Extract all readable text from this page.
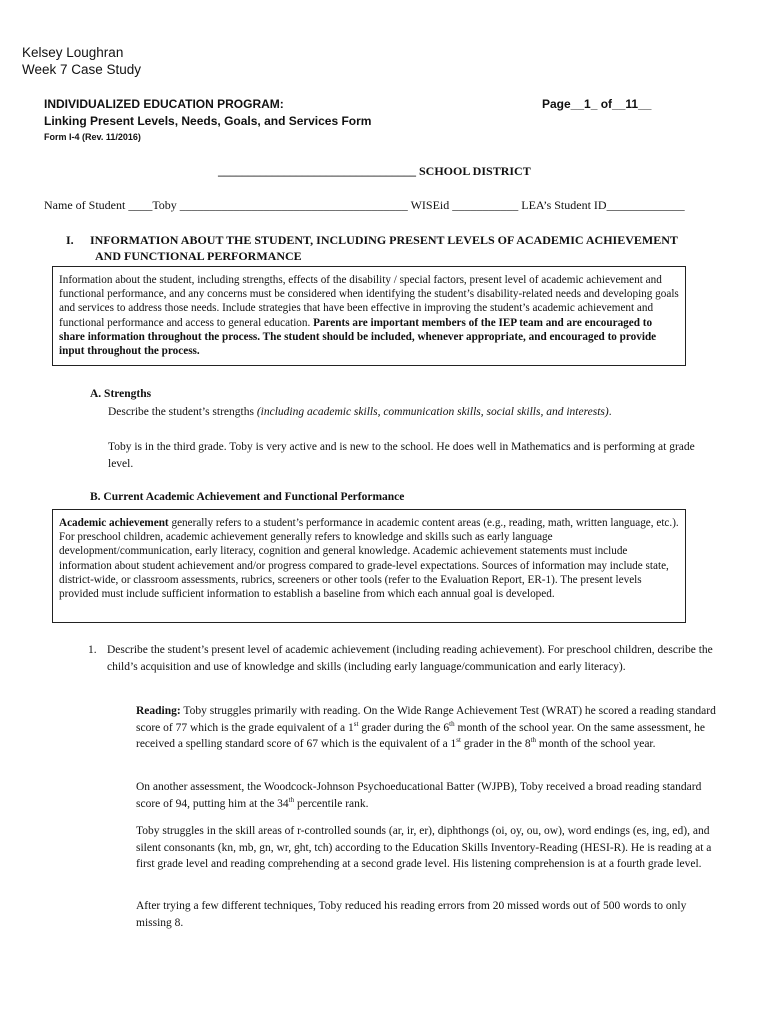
Kelsey Loughran
Week 7 Case Study
INDIVIDUALIZED EDUCATION PROGRAM:	Page__1_ of__11__
Linking Present Levels, Needs, Goals, and Services Form
Form I-4 (Rev. 11/2016)
_________________________________ SCHOOL DISTRICT
Name of Student ____Toby ______________________________________ WISEid ___________ LEA’s Student ID_____________
I. INFORMATION ABOUT THE STUDENT, INCLUDING PRESENT LEVELS OF ACADEMIC ACHIEVEMENT
AND FUNCTIONAL PERFORMANCE
Information about the student, including strengths, effects of the disability / special factors, present level of academic achievement and functional performance, and any concerns must be considered when identifying the student’s disability-related needs and developing goals and services to address those needs. Include strategies that have been effective in improving the student’s academic achievement and functional performance and access to general education. Parents are important members of the IEP team and are encouraged to share information throughout the process. The student should be included, whenever appropriate, and encouraged to provide input throughout the process.
A. Strengths
Describe the student’s strengths (including academic skills, communication skills, social skills, and interests).
Toby is in the third grade. Toby is very active and is new to the school. He does well in Mathematics and is performing at grade level.
B. Current Academic Achievement and Functional Performance
Academic achievement generally refers to a student’s performance in academic content areas (e.g., reading, math, written language, etc.). For preschool children, academic achievement generally refers to knowledge and skills such as early language development/communication, early literacy, cognition and general knowledge. Academic achievement statements must include information about student achievement and/or progress compared to grade-level expectations. Sources of information may include state, district-wide, or classroom assessments, rubrics, screeners or other tools (refer to the Evaluation Report, ER-1). The present levels provided must include sufficient information to establish a baseline from which each annual goal is developed.
1. Describe the student’s present level of academic achievement (including reading achievement). For preschool children, describe the child’s acquisition and use of knowledge and skills (including early language/communication and early literacy).
Reading: Toby struggles primarily with reading. On the Wide Range Achievement Test (WRAT) he scored a reading standard score of 77 which is the grade equivalent of a 1st grader during the 6th month of the school year. On the same assessment, he received a spelling standard score of 67 which is the equivalent of a 1st grader in the 8th month of the school year.
On another assessment, the Woodcock-Johnson Psychoeducational Batter (WJPB), Toby received a broad reading standard score of 94, putting him at the 34th percentile rank.
Toby struggles in the skill areas of r-controlled sounds (ar, ir, er), diphthongs (oi, oy, ou, ow), word endings (es, ing, ed), and silent consonants (kn, mb, gn, wr, ght, tch) according to the Education Skills Inventory-Reading (HESI-R). He is reading at a first grade level and reading comprehending at a second grade level. His listening comprehension is at a fourth grade level.
After trying a few different techniques, Toby reduced his reading errors from 20 missed words out of 500 words to only missing 8.
